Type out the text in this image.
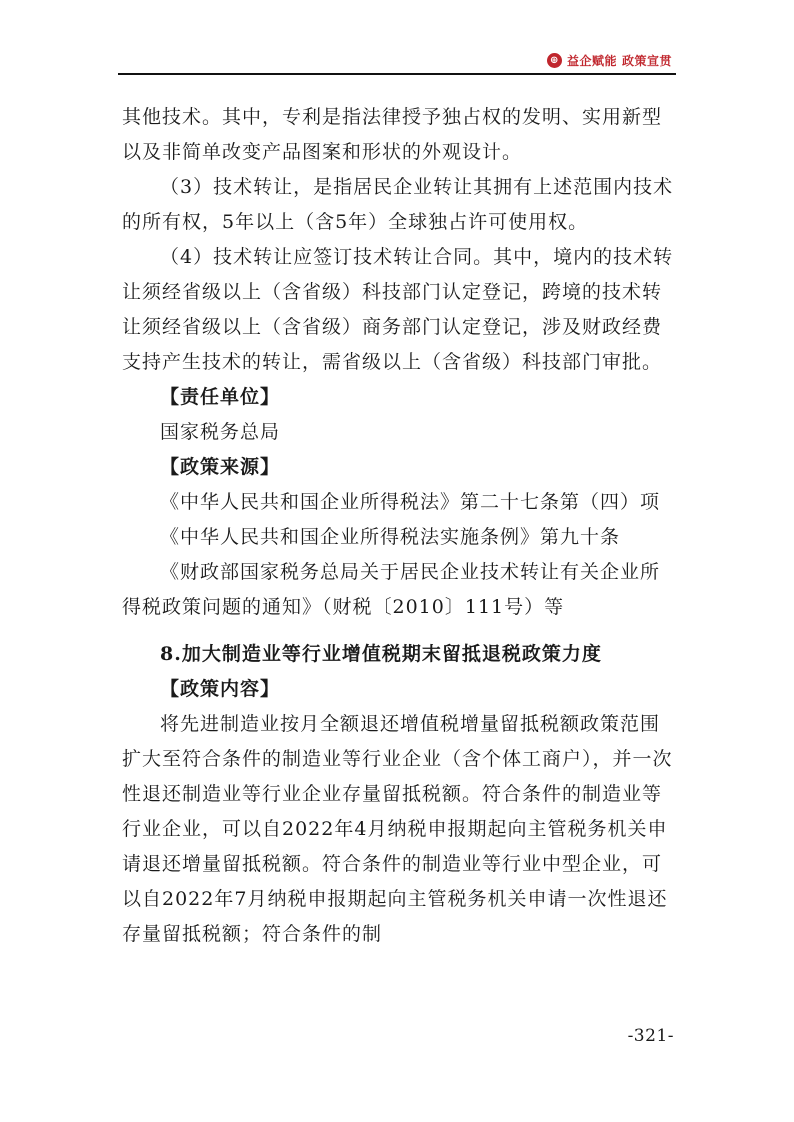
⊕ 益企赋能 政策宣贯

其他技术。其中，专利是指法律授予独占权的发明、实用新型以及非简单改变产品图案和形状的外观设计。

（3）技术转让，是指居民企业转让其拥有上述范围内技术的所有权，5年以上（含5年）全球独占许可使用权。

（4）技术转让应签订技术转让合同。其中，境内的技术转让须经省级以上（含省级）科技部门认定登记，跨境的技术转让须经省级以上（含省级）商务部门认定登记，涉及财政经费支持产生技术的转让，需省级以上（含省级）科技部门审批。

【责任单位】

国家税务总局

【政策来源】

《中华人民共和国企业所得税法》第二十七条第（四）项

《中华人民共和国企业所得税法实施条例》第九十条

《财政部国家税务总局关于居民企业技术转让有关企业所得税政策问题的通知》（财税〔2010〕111号）等

8.加大制造业等行业增值税期末留抵退税政策力度

【政策内容】

将先进制造业按月全额退还增值税增量留抵税额政策范围扩大至符合条件的制造业等行业企业（含个体工商户），并一次性退还制造业等行业企业存量留抵税额。符合条件的制造业等行业企业，可以自2022年4月纳税申报期起向主管税务机关申请退还增量留抵税额。符合条件的制造业等行业中型企业，可以自2022年7月纳税申报期起向主管税务机关申请一次性退还存量留抵税额；符合条件的制

-321-
